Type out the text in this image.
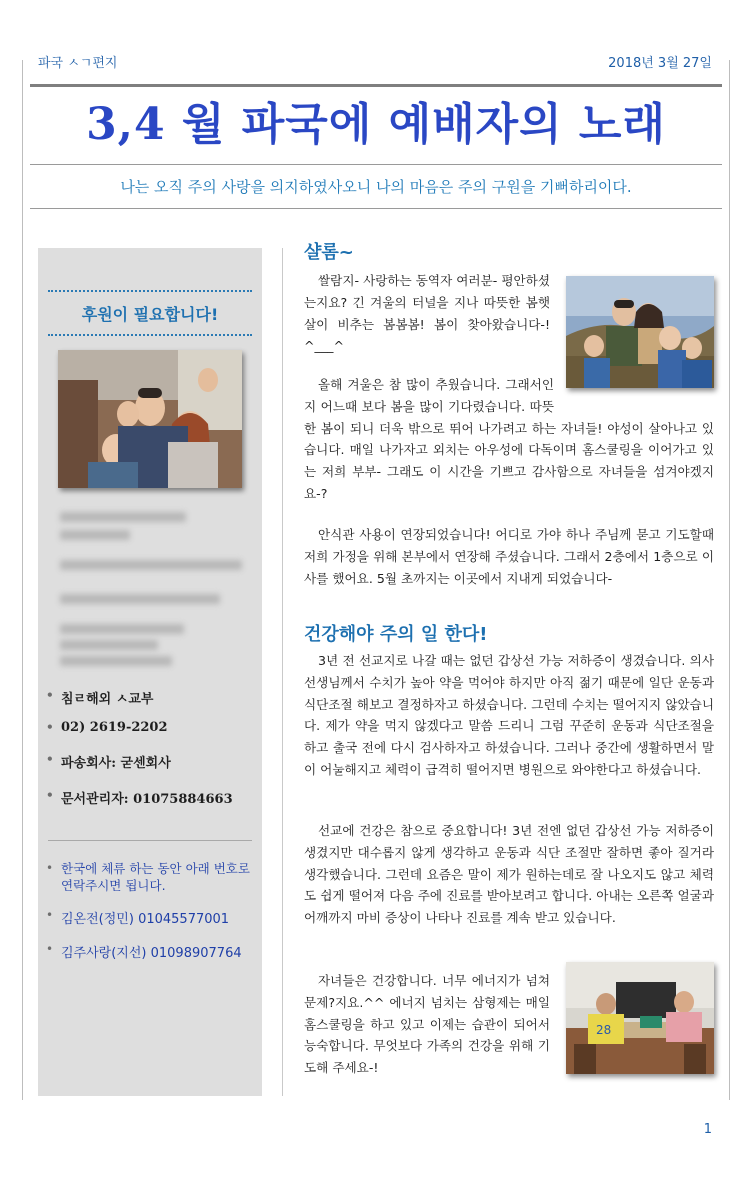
파국 ㅅㄱ편지	2018년 3월 27일
3,4 월 파국에 예배자의 노래
나는 오직 주의 사랑을 의지하였사오니 나의 마음은 주의 구원을 기뻐하리이다.
후원이 필요합니다!
• 침ㄹ해외 ㅅ교부
• 02) 2619-2202
• 파송회사: 굳센회사
• 문서관리자: 01075884663
• 한국에 체류 하는 동안 아래 번호로 연락주시면 됩니다.
• 김온전(정민) 01045577001
• 김주사랑(지선) 01098907764
샬롬~

쌀람지- 사랑하는 동역자 여러분- 평안하셨는지요? 긴 겨울의 터널을 지나 따뜻한 봄햇살이 비추는 봄봄봄! 봄이 찾아왔습니다-! ^___^

올해 겨울은 참 많이 추웠습니다. 그래서인지 어느때 보다 봄을 많이 기다렸습니다. 따뜻한 봄이 되니 더욱 밖으로 뛰어 나가려고 하는 자녀들! 야성이 살아나고 있습니다. 매일 나가자고 외치는 아우성에 다독이며 홈스쿨링을 이어가고 있는 저희 부부- 그래도 이 시간을 기쁘고 감사함으로 자녀들을 섬겨야겠지요-?

안식관 사용이 연장되었습니다! 어디로 가야 하나 주님께 묻고 기도할때 저희 가정을 위해 본부에서 연장해 주셨습니다. 그래서 2층에서 1층으로 이사를 했어요. 5월 초까지는 이곳에서 지내게 되었습니다-

건강해야 주의 일 한다!

3년 전 선교지로 나갈 때는 없던 갑상선 가능 저하증이 생겼습니다. 의사 선생님께서 수치가 높아 약을 먹어야 하지만 아직 젊기 때문에 일단 운동과 식단조절 해보고 결정하자고 하셨습니다. 그런데 수치는 떨어지지 않았습니다. 제가 약을 먹지 않겠다고 말씀 드리니 그럼 꾸준히 운동과 식단조절을 하고 출국 전에 다시 검사하자고 하셨습니다. 그러나 중간에 생활하면서 말이 어눌해지고 체력이 급격히 떨어지면 병원으로 와야한다고 하셨습니다.

선교에 건강은 참으로 중요합니다! 3년 전엔 없던 갑상선 가능 저하증이 생겼지만 대수롭지 않게 생각하고 운동과 식단 조절만 잘하면 좋아 질거라 생각했습니다. 그런데 요즘은 말이 제가 원하는데로 잘 나오지도 않고 체력도 쉽게 떨어져 다음 주에 진료를 받아보려고 합니다. 아내는 오른쪽 얼굴과 어깨까지 마비 증상이 나타나 진료를 계속 받고 있습니다.

자녀들은 건강합니다. 너무 에너지가 넘쳐 문제?지요.^^ 에너지 넘치는 삼형제는 매일 홈스쿨링을 하고 있고 이제는 습관이 되어서 능숙합니다. 무엇보다 가족의 건강을 위해 기도해 주세요-!

28
1
